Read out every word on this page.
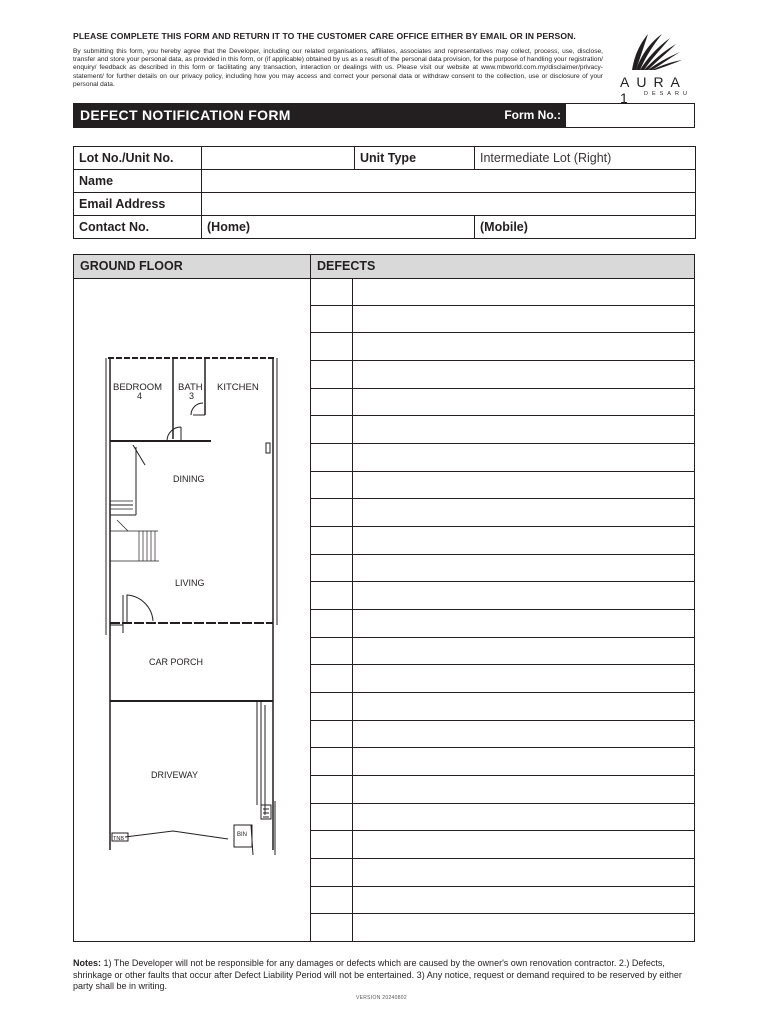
PLEASE COMPLETE THIS FORM AND RETURN IT TO THE CUSTOMER CARE OFFICE EITHER BY EMAIL OR IN PERSON.
By submitting this form, you hereby agree that the Developer, including our related organisations, affiliates, associates and representatives may collect, process, use, disclose, transfer and store your personal data, as provided in this form, or (if applicable) obtained by us as a result of the personal data provision, for the purpose of handling your registration/ enquiry/ feedback as described in this form or facilitating any transaction, interaction or dealings with us. Please visit our website at www.mbworld.com.my/disclaimer/privacy-statement/ for further details on our privacy policy, including how you may access and correct your personal data or withdraw consent to the collection, use or disclosure of your personal data.	AURA 1	DESARU
DEFECT NOTIFICATION FORM	Form No.:
Lot No./Unit No.		Unit Type	Intermediate Lot (Right)
Name			
Email Address			
Contact No.	(Home)		(Mobile)
GROUND FLOOR	DEFECTS
BEDROOM
4
BATH
3
KITCHEN
DINING
LIVING
CAR PORCH
DRIVEWAY
TNB
BIN
Notes: 1) The Developer will not be responsible for any damages or defects which are caused by the owner's own renovation contractor. 2.) Defects, shrinkage or other faults that occur after Defect Liability Period will not be entertained. 3) Any notice, request or demand required to be reserved by either party shall be in writing.
VERSION 20240802
